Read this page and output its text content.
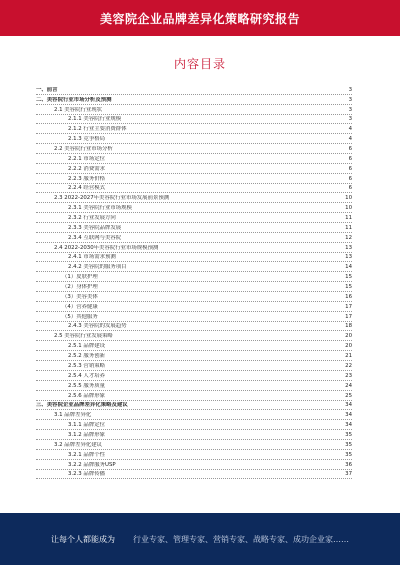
美容院企业品牌差异化策略研究报告
内容目录
一、前言	3
二、美容院行业市场分析及预测	3
2.1 美容院行业现状	3
2.1.1 美容院行业规模	3
2.1.2 行业主要消费群体	4
2.1.3 竞争格局	4
2.2 美容院行业市场分析	6
2.2.1 市场定位	6
2.2.2 消费需求	6
2.2.3 服务价格	6
2.2.4 经营模式	6
2.3 2022-2027年美容院行业市场发展前景预测	10
2.3.1 美容院行业市场规模	10
2.3.2 行业发展方向	11
2.3.3 美容院品牌发展	11
2.3.4 互联网与美容院	12
2.4 2022-2030年美容院行业市场规模预测	13
2.4.1 市场需求预测	13
2.4.2 美容院的服务项目	14
（1）皮肤护理	15
（2）身体护理	15
（3）美容美体	16
（4）营养健康	17
（5）其他服务	17
2.4.3 美容院的发展趋势	18
2.5 美容院行业发展策略	20
2.5.1 品牌建设	20
2.5.2 服务创新	21
2.5.3 营销策略	22
2.5.4 人才培养	23
2.5.5 服务质量	24
2.5.6 品牌形象	25
三、美容院企业品牌差异化策略及建议	34
3.1 品牌差异化	34
3.1.1 品牌定位	34
3.1.2 品牌形象	35
3.2 品牌差异化建议	35
3.2.1 品牌个性	35
3.2.2 品牌服务USP	36
3.2.3 品牌传播	37
让每个人都能成为 行业专家、管理专家、营销专家、战略专家、成功企业家……
